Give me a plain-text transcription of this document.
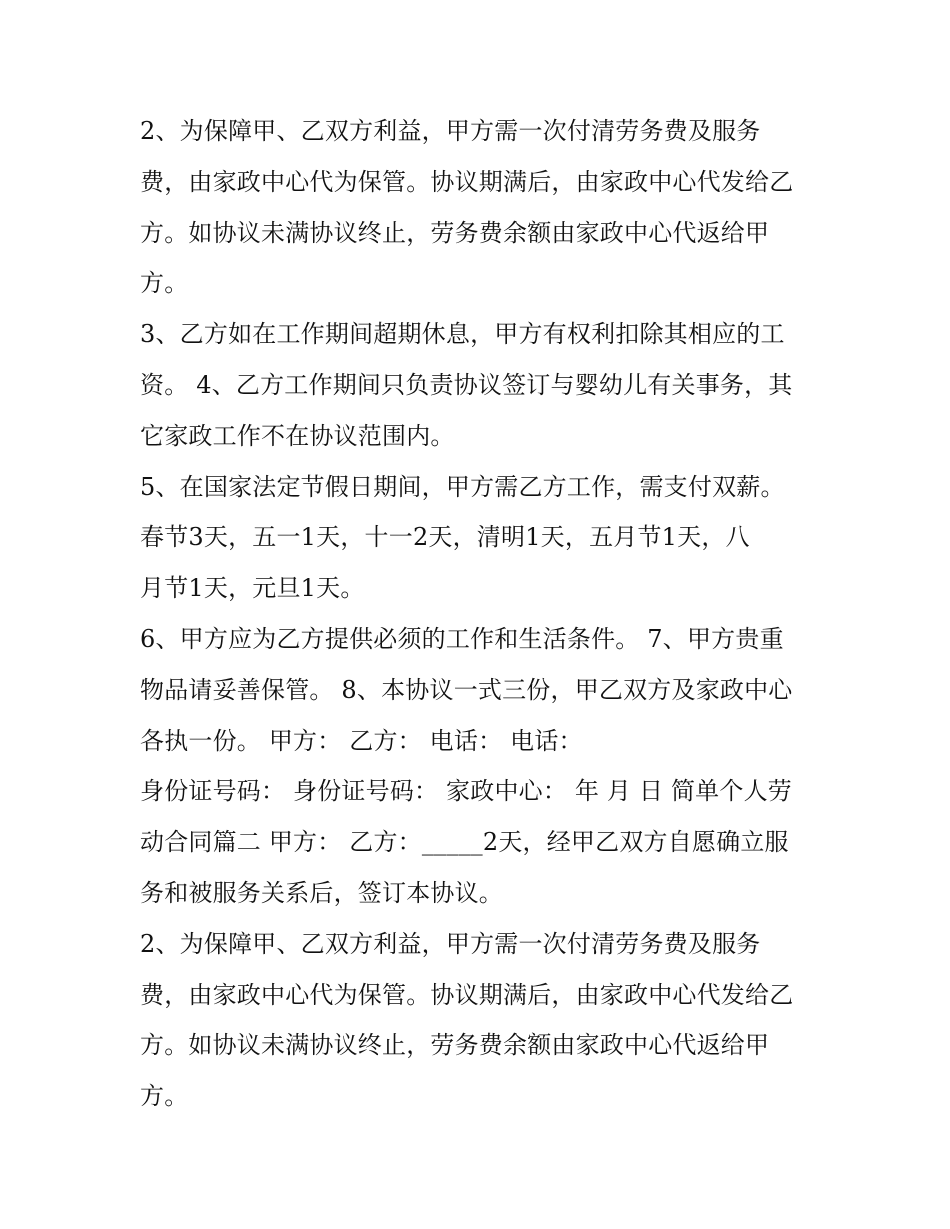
2、为保障甲、乙双方利益，甲方需一次付清劳务费及服务
费，由家政中心代为保管。协议期满后，由家政中心代发给乙
方。如协议未满协议终止，劳务费余额由家政中心代返给甲
方。
3、乙方如在工作期间超期休息，甲方有权利扣除其相应的工
资。 4、乙方工作期间只负责协议签订与婴幼儿有关事务，其
它家政工作不在协议范围内。
5、在国家法定节假日期间，甲方需乙方工作，需支付双薪。
春节3天，五一1天，十一2天，清明1天，五月节1天，八
月节1天，元旦1天。
6、甲方应为乙方提供必须的工作和生活条件。 7、甲方贵重
物品请妥善保管。 8、本协议一式三份，甲乙双方及家政中心
各执一份。 甲方： 乙方： 电话： 电话：
身份证号码： 身份证号码： 家政中心： 年 月 日 简单个人劳
动合同篇二 甲方： 乙方：_____2天，经甲乙双方自愿确立服
务和被服务关系后，签订本协议。
2、为保障甲、乙双方利益，甲方需一次付清劳务费及服务
费，由家政中心代为保管。协议期满后，由家政中心代发给乙
方。如协议未满协议终止，劳务费余额由家政中心代返给甲
方。
